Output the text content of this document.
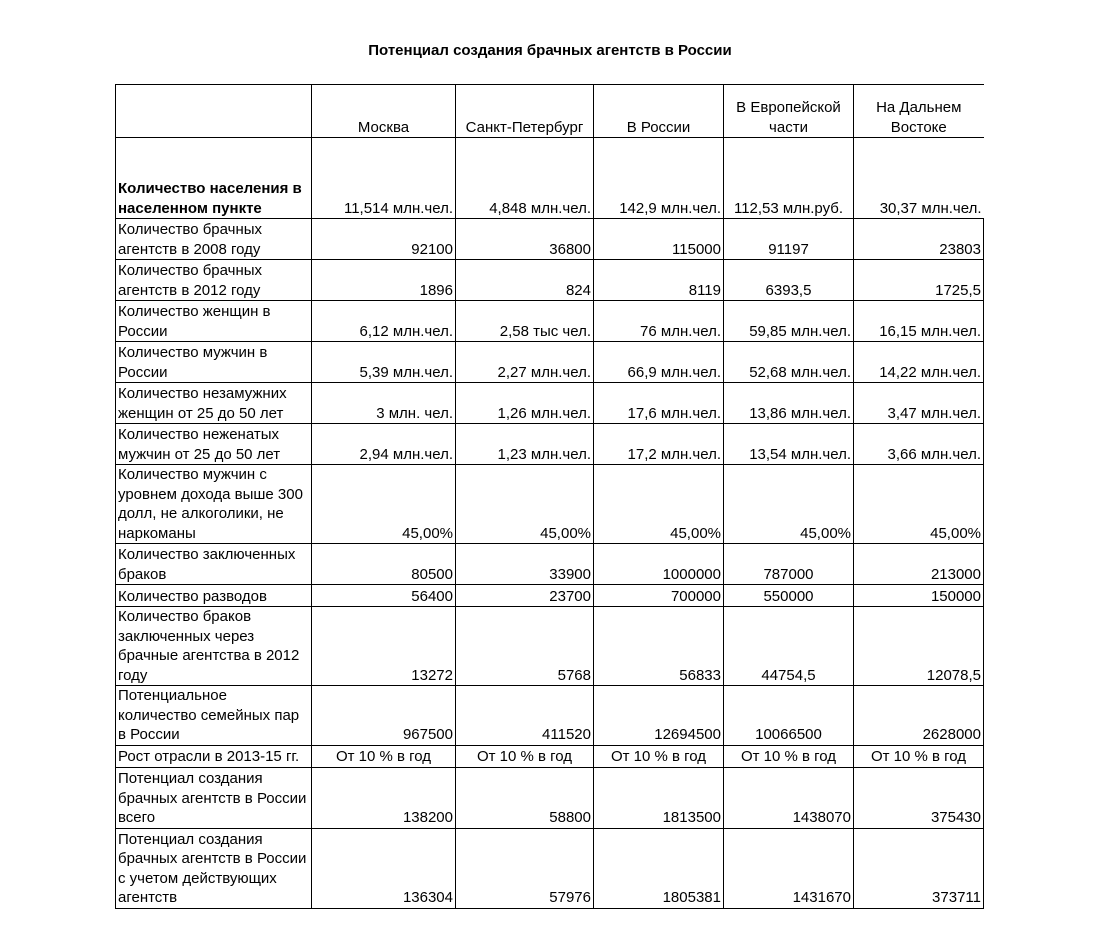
Потенциал создания брачных агентств в России
	Москва	Санкт-Петербург	В России	В Европейской части	На Дальнем Востоке
Количество населения в населенном пункте	11,514 млн.чел.	4,848 млн.чел.	142,9 млн.чел.	112,53 млн.руб.	30,37 млн.чел.
Количество брачных агентств в 2008 году	92100	36800	115000	91197	23803
Количество брачных агентств в 2012 году	1896	824	8119	6393,5	1725,5
Количество женщин в России	6,12 млн.чел.	2,58 тыс чел.	76 млн.чел.	59,85 млн.чел.	16,15 млн.чел.
Количество мужчин в России	5,39 млн.чел.	2,27 млн.чел.	66,9 млн.чел.	52,68 млн.чел.	14,22 млн.чел.
Количество незамужних женщин от 25 до 50 лет	3 млн. чел.	1,26 млн.чел.	17,6 млн.чел.	13,86 млн.чел.	3,47 млн.чел.
Количество неженатых мужчин от 25 до 50 лет	2,94 млн.чел.	1,23 млн.чел.	17,2 млн.чел.	13,54 млн.чел.	3,66 млн.чел.
Количество мужчин с уровнем дохода выше 300 долл, не алкоголики, не наркоманы	45,00%	45,00%	45,00%	45,00%	45,00%
Количество заключенных браков	80500	33900	1000000	787000	213000
Количество разводов	56400	23700	700000	550000	150000
Количество браков заключенных через брачные агентства в 2012 году	13272	5768	56833	44754,5	12078,5
Потенциальное количество семейных пар в России	967500	411520	12694500	10066500	2628000
Рост отрасли в 2013-15 гг.	От 10 % в год	От 10 % в год	От 10 % в год	От 10 % в год	От 10 % в год
Потенциал создания брачных агентств в России всего	138200	58800	1813500	1438070	375430
Потенциал создания брачных агентств в России с учетом действующих агентств	136304	57976	1805381	1431670	373711
